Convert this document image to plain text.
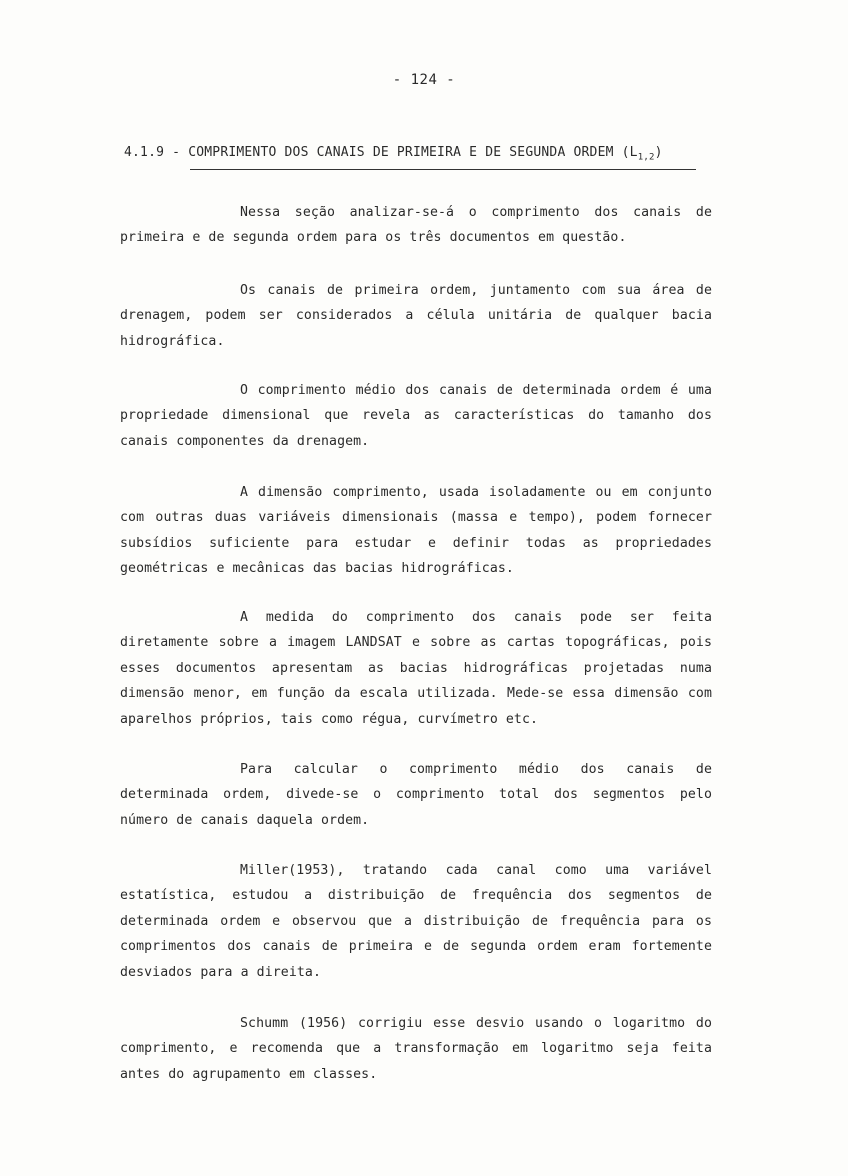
- 124 -
4.1.9 - COMPRIMENTO DOS CANAIS DE PRIMEIRA E DE SEGUNDA ORDEM $(L_{1,2})$
Nessa seção analizar-se-á o comprimento dos canais de primeira e de segunda ordem para os três documentos em questão.
Os canais de primeira ordem, juntamento com sua área de drenagem, podem ser considerados a célula unitária de qualquer bacia hidrográfica.
O comprimento médio dos canais de determinada ordem é uma propriedade dimensional que revela as características do tamanho dos canais componentes da drenagem.
A dimensão comprimento, usada isoladamente ou em conjunto com outras duas variáveis dimensionais (massa e tempo), podem fornecer subsídios suficiente para estudar e definir todas as propriedades geométricas e mecânicas das bacias hidrográficas.
A medida do comprimento dos canais pode ser feita diretamente sobre a imagem LANDSAT e sobre as cartas topográficas, pois esses documentos apresentam as bacias hidrográficas projetadas numa dimensão menor, em função da escala utilizada. Mede-se essa dimensão com aparelhos próprios, tais como régua, curvímetro etc.
Para calcular o comprimento médio dos canais de determinada ordem, divede-se o comprimento total dos segmentos pelo número de canais daquela ordem.
Miller(1953), tratando cada canal como uma variável estatística, estudou a distribuição de frequência dos segmentos de determinada ordem e observou que a distribuição de frequência para os comprimentos dos canais de primeira e de segunda ordem eram fortemente desviados para a direita.
Schumm (1956) corrigiu esse desvio usando o logaritmo do comprimento, e recomenda que a transformação em logaritmo seja feita antes do agrupamento em classes.
